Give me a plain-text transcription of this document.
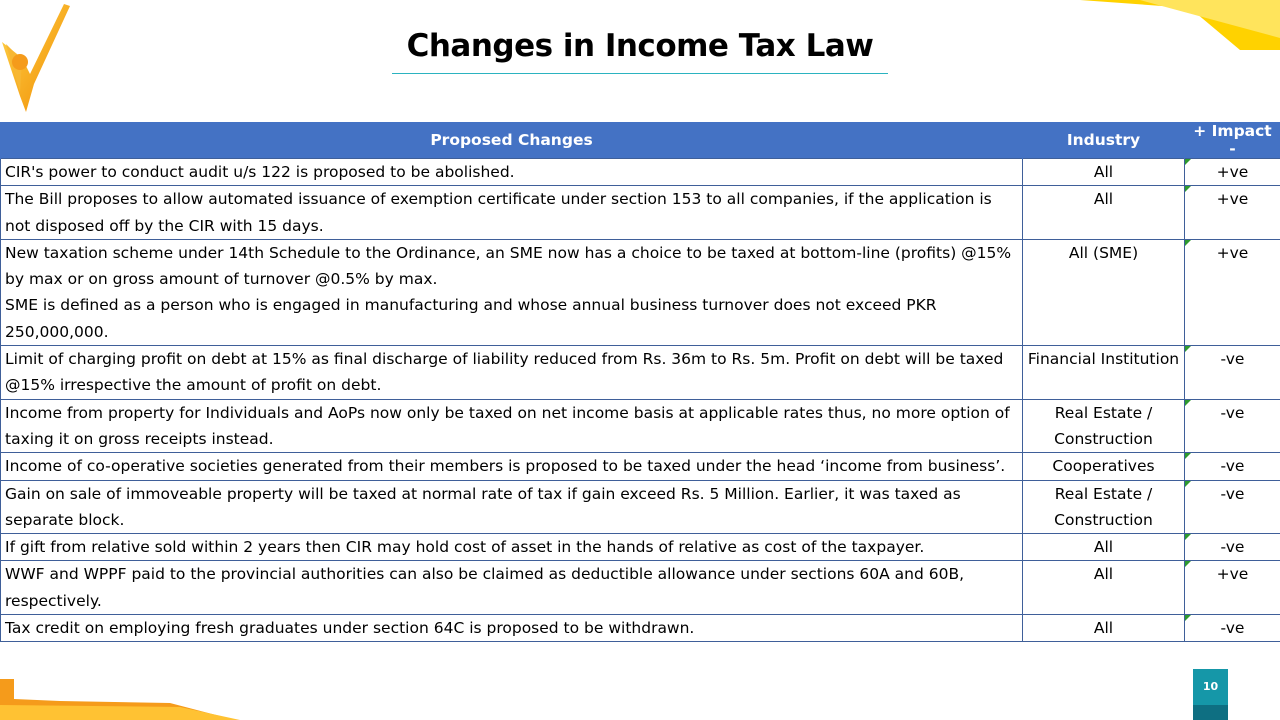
Changes in Income Tax Law
Proposed Changes	Industry	+ Impact -

CIR's power to conduct audit u/s 122 is proposed to be abolished.	All	+ve

The Bill proposes to allow automated issuance of exemption certificate under section 153 to all companies, if the application is not disposed off by the CIR with 15 days.	All	+ve

New taxation scheme under 14th Schedule to the Ordinance, an SME now has a choice to be taxed at bottom-line (profits) @15% by max or on gross amount of turnover @0.5% by max.
SME is defined as a person who is engaged in manufacturing and whose annual business turnover does not exceed PKR 250,000,000.	All (SME)	+ve

Limit of charging profit on debt at 15% as final discharge of liability reduced from Rs. 36m to Rs. 5m. Profit on debt will be taxed @15% irrespective the amount of profit on debt.	Financial Institution	-ve

Income from property for Individuals and AoPs now only be taxed on net income basis at applicable rates thus, no more option of taxing it on gross receipts instead.	Real Estate / Construction	-ve

Income of co-operative societies generated from their members is proposed to be taxed under the head ‘income from business’.	Cooperatives	-ve

Gain on sale of immoveable property will be taxed at normal rate of tax if gain exceed Rs. 5 Million. Earlier, it was taxed as separate block.	Real Estate / Construction	-ve

If gift from relative sold within 2 years then CIR may hold cost of asset in the hands of relative as cost of the taxpayer.	All	-ve

WWF and WPPF paid to the provincial authorities can also be claimed as deductible allowance under sections 60A and 60B, respectively.	All	+ve

Tax credit on employing fresh graduates under section 64C is proposed to be withdrawn.	All	-ve
10
